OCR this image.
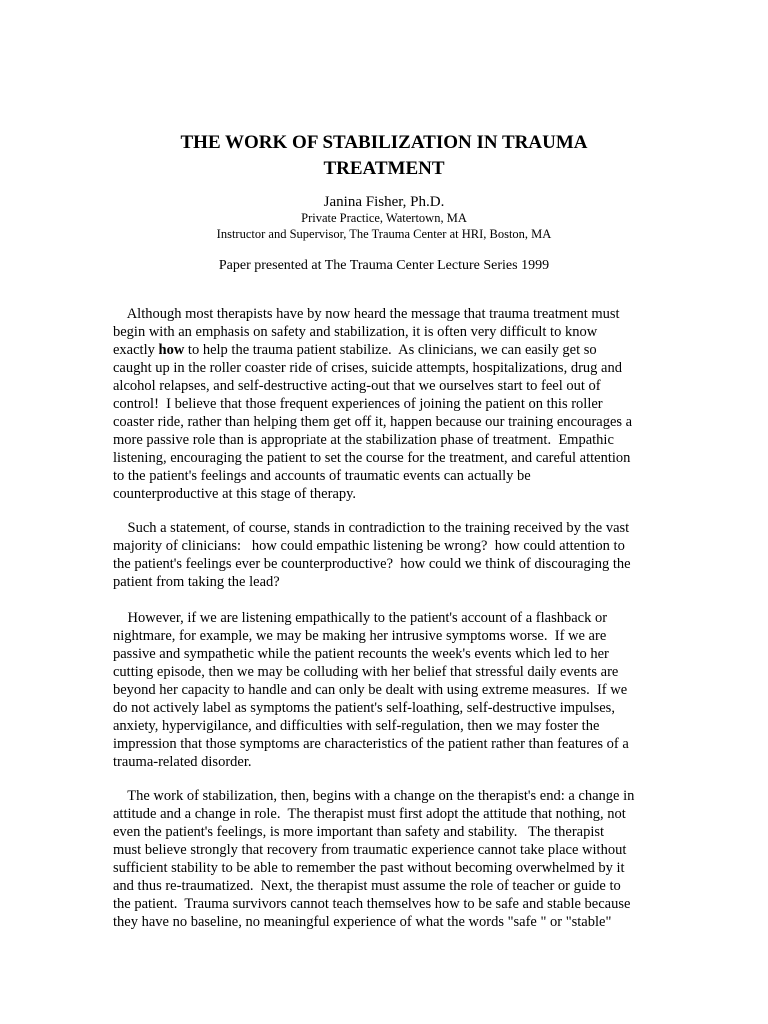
THE WORK OF STABILIZATION IN TRAUMA
TREATMENT
Janina Fisher, Ph.D.
Private Practice, Watertown, MA
Instructor and Supervisor, The Trauma Center at HRI, Boston, MA
Paper presented at The Trauma Center Lecture Series 1999
Although most therapists have by now heard the message that trauma treatment must
begin with an emphasis on safety and stabilization, it is often very difficult to know
exactly how to help the trauma patient stabilize.  As clinicians, we can easily get so
caught up in the roller coaster ride of crises, suicide attempts, hospitalizations, drug and
alcohol relapses, and self-destructive acting-out that we ourselves start to feel out of
control!  I believe that those frequent experiences of joining the patient on this roller
coaster ride, rather than helping them get off it, happen because our training encourages a
more passive role than is appropriate at the stabilization phase of treatment.  Empathic
listening, encouraging the patient to set the course for the treatment, and careful attention
to the patient's feelings and accounts of traumatic events can actually be
counterproductive at this stage of therapy.
Such a statement, of course, stands in contradiction to the training received by the vast
majority of clinicians:   how could empathic listening be wrong?  how could attention to
the patient's feelings ever be counterproductive?  how could we think of discouraging the
patient from taking the lead?
However, if we are listening empathically to the patient's account of a flashback or
nightmare, for example, we may be making her intrusive symptoms worse.  If we are
passive and sympathetic while the patient recounts the week's events which led to her
cutting episode, then we may be colluding with her belief that stressful daily events are
beyond her capacity to handle and can only be dealt with using extreme measures.  If we
do not actively label as symptoms the patient's self-loathing, self-destructive impulses,
anxiety, hypervigilance, and difficulties with self-regulation, then we may foster the
impression that those symptoms are characteristics of the patient rather than features of a
trauma-related disorder.
The work of stabilization, then, begins with a change on the therapist's end: a change in
attitude and a change in role.  The therapist must first adopt the attitude that nothing, not
even the patient's feelings, is more important than safety and stability.   The therapist
must believe strongly that recovery from traumatic experience cannot take place without
sufficient stability to be able to remember the past without becoming overwhelmed by it
and thus re-traumatized.  Next, the therapist must assume the role of teacher or guide to
the patient.  Trauma survivors cannot teach themselves how to be safe and stable because
they have no baseline, no meaningful experience of what the words "safe " or "stable"
